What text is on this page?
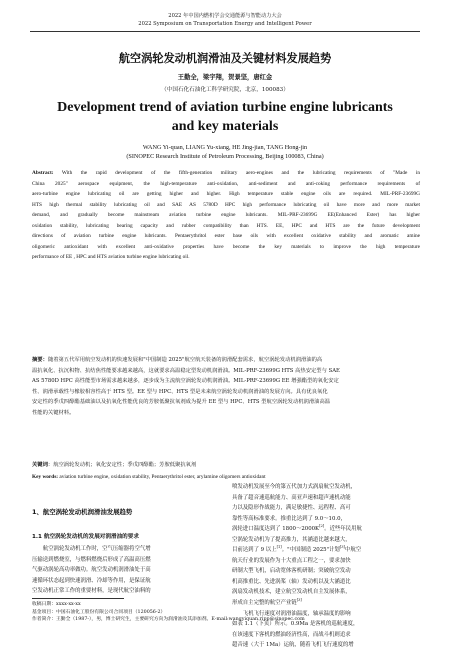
2022 年中国内燃机学会交通能源与智能动力大会
2022 Symposium on Transportation Energy and Intelligent Power
航空涡轮发动机润滑油及关键材料发展趋势
王勤全，梁宇翔，贺景坚，唐红金
（中国石化石油化工科学研究院，北京，100083）
Development trend of aviation turbine engine lubricants
and key materials
WANG Yi-quan, LIANG Yu-xiang, HE Jing-jian, TANG Hong-jin
(SINOPEC Research Institute of Petroleum Processing, Beijing 100083, China)
Abstract: With the rapid development of the fifth-generation military aero-engines and the lubricating requirements of "Made in
China 2025" aerospace equipment, the high-temperature anti-oxidation, anti-sediment and anti-coking performance requirements of
aero-turbine engine lubricating oil are getting higher and higher. High temperature stable engine oils are required. MIL-PRF-23699G
HTS high thermal stability lubricating oil and SAE AS 5780D HPC high performance lubricating oil have more and more market
demand, and gradually become mainstream aviation turbine engine lubricants. MIL-PRF-23699G EE(Enhanced Ester) has higher
oxidation stability, lubricating bearing capacity and rubber compatibility than HTS. EE, HPC and HTS are the future development
directions of aviation turbine engine lubricants. Pentaerythritol ester base oils with excellent oxidative stability and aromatic amine
oligomeric antioxidant with excellent anti-oxidative properties have become the key materials to improve the high temperature
performance of EE , HPC and HTS aviation turbine engine lubricating oil.
摘要：随着第五代军用航空发动机的快速发展和"中国制造 2025"航空航天装备的润滑配套需求，航空涡轮发动机润滑油的高
温抗氧化、抗沉积物、抗结焦性能要求越来越高，这就要求高温稳定型发动机润滑油。MIL-PRF-23699G HTS 高热安定型与 SAE
AS 5780D HPC 高性能型市场需求越来越多，逐步成为主流航空涡轮发动机润滑油。MIL-PRF-23699G EE 增强酯型的氧化安定
性、润滑承载性与橡胶相容性高于 HTS 型。EE 型与 HPC、HTS 型是未来航空涡轮发动机润滑油的发展方向。具有优良氧化
安定性的季戊四醇酯基础油以及抗氧化性能优良的芳胺低聚抗氧剂成为提升 EE 型与 HPC、HTS 型航空涡轮发动机润滑油高温
性能的关键材料。
关键词：航空涡轮发动机；氧化安定性；季戊四醇酯；芳胺低聚抗氧剂
Key words: aviation turbine engine, oxidation stability, Pentaerythritol ester, arylamine oligomers antioxidant
1、航空涡轮发动机润滑油发展趋势
1.1 航空涡轮发动机的发展对润滑油的要求
　　航空涡轮发动机工作时，空气压缩器将空气增
压输送到燃烧室，与燃料燃烧后形成了高温高压燃
气驱动涡轮高功率做功。航空发动机润滑油处于高
速循环状态起到快速润滑、冷却等作用，是保证航
空发动机正常工作的重要材料，是现代航空油料的
喷发动机发展至今的第五代加力式涡扇航空发动机，
具备了超音速巡航能力、高亚声速和超声速机动能
力以及隐形作战能力，满足敏捷性、远程程、高可
靠性等高标准要求。推重比达到了 9.0～10.0，
涡轮进口温度达到了 1800～2000K[2]。近些年民用航
空涡轮发动机为了提高推力，其涵道比越来越大，
目前达到了 9 以上[1]。"中国制造 2025"计划[3]中航空
航天行业的发展作为十大重点工程之一，要求加快
研制大型飞机，启动宽体客机研制；突破航空发动
机高推重比、先进涡桨（轴）发动机以及大涵道比
涡扇发动机技术，建立航空发动机自主发展体系，
形成自主完整的航空产业链[3]
　　飞机飞行速度对润滑油温度，轴承温度的影响
如表 1.1（下页）所示。0.9Ma 是客机的巡航速度，
在该速度下客机的燃油经济性高，而战斗机则追求
超音速（大于 1Ma）运航，随着飞机飞行速度的增
收稿日期：xxxx-xx-xx
基金项目：中国石油化工股份有限公司合同项目（120056-2）
作者简介：王勤全（1987-），男，博士研究生，主要研究方向为润滑油及其添加剂。E-mail:wangyiquan.ripp@sinopec.com
